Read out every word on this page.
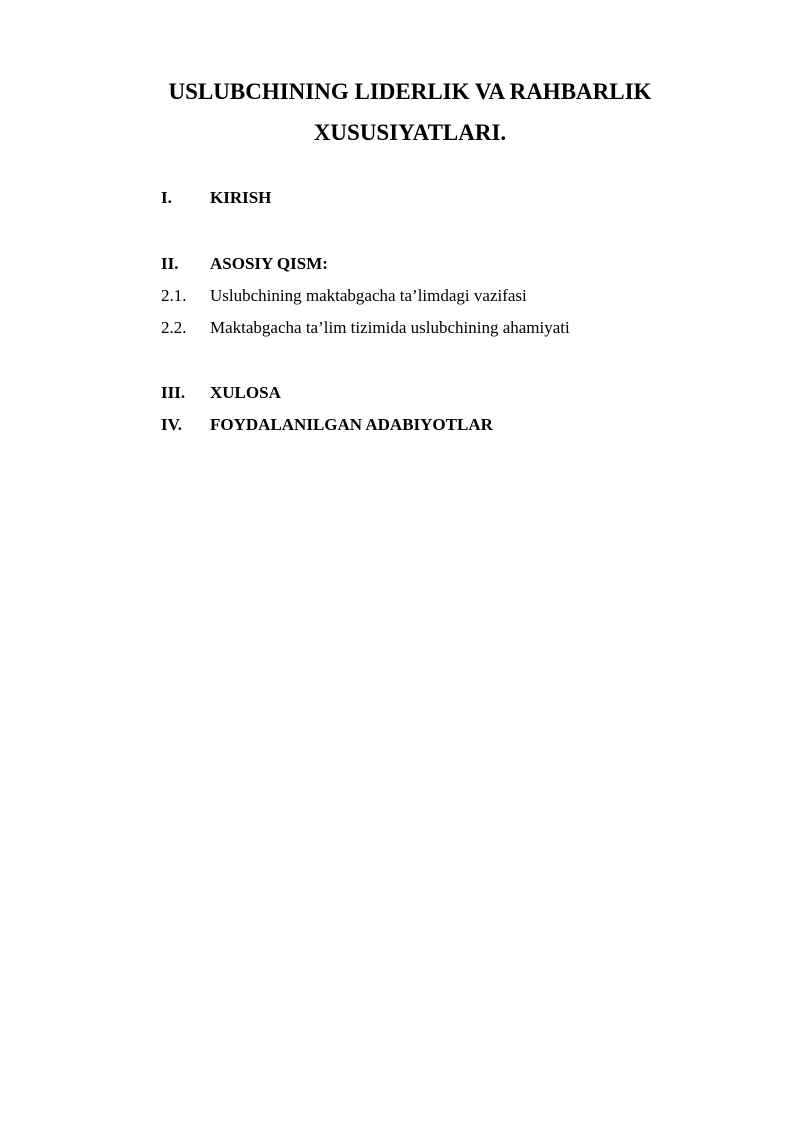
USLUBCHINING LIDERLIK VA RAHBARLIK
XUSUSIYATLARI.
I. KIRISH
II. ASOSIY QISM:
2.1. Uslubchining maktabgacha ta’limdagi vazifasi
2.2. Maktabgacha ta’lim tizimida uslubchining ahamiyati
III. XULOSA
IV. FOYDALANILGAN ADABIYOTLAR
